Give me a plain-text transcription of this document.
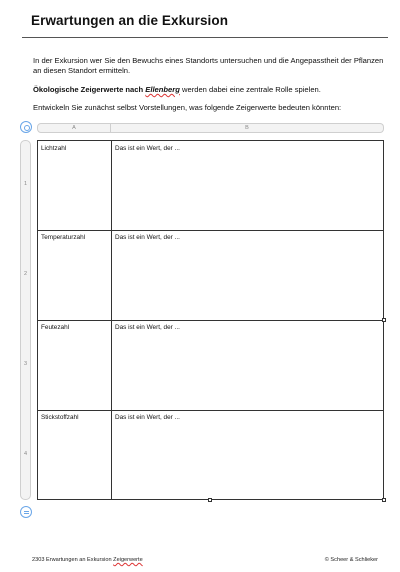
Erwartungen an die Exkursion

In der Exkursion wer Sie den Bewuchs eines Standorts untersuchen und die Angepasstheit der Pflanzen an diesen Standort ermitteln.

Ökologische Zeigerwerte nach Ellenberg werden dabei eine zentrale Rolle spielen.

Entwickeln Sie zunächst selbst Vorstellungen, was folgende Zeigerwerte bedeuten könnten:

A	B
1
2
3
4
Lichtzahl	Das ist ein Wert, der ...
Temperaturzahl	Das ist ein Wert, der ...
Feutezahl	Das ist ein Wert, der ...
Stickstoffzahl	Das ist ein Wert, der ...
2303 Erwartungen an Exkursion Zeigerwerte	© Scheer & Schlieker
